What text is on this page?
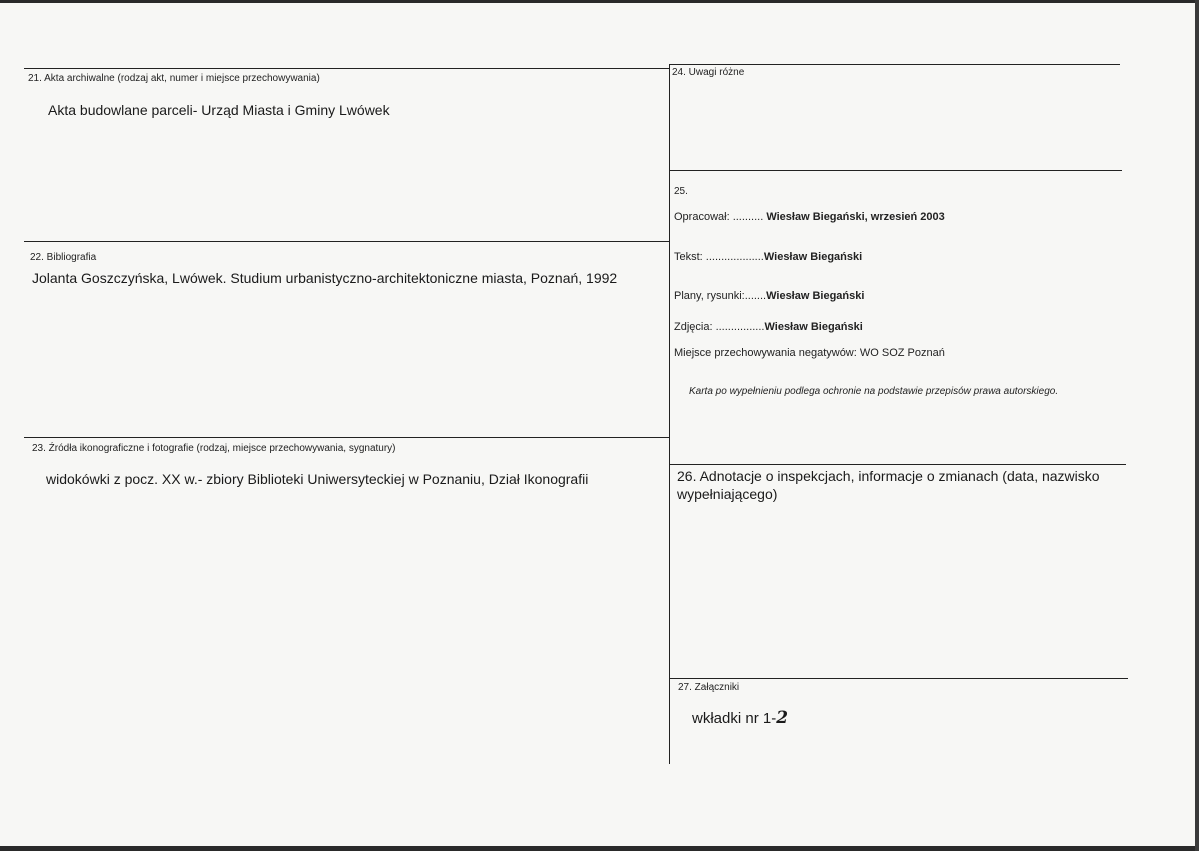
21. Akta archiwalne (rodzaj akt, numer i miejsce przechowywania)
Akta budowlane parceli- Urząd Miasta i Gminy Lwówek
22. Bibliografia
Jolanta Goszczyńska, Lwówek. Studium urbanistyczno-architektoniczne miasta, Poznań, 1992
23. Źródła ikonograficzne i fotografie (rodzaj, miejsce przechowywania, sygnatury)
widokówki z pocz. XX w.- zbiory Biblioteki Uniwersyteckiej w Poznaniu, Dział Ikonografii
24. Uwagi różne
25.
Opracował: .......... Wiesław Biegański, wrzesień 2003
Tekst: ...................Wiesław Biegański
Plany, rysunki:.......Wiesław Biegański
Zdjęcia: ................Wiesław Biegański
Miejsce przechowywania negatywów: WO SOZ Poznań
Karta po wypełnieniu podlega ochronie na podstawie przepisów prawa autorskiego.
26. Adnotacje o inspekcjach, informacje o zmianach (data, nazwisko wypełniającego)
27. Załączniki
wkładki nr 1-2
